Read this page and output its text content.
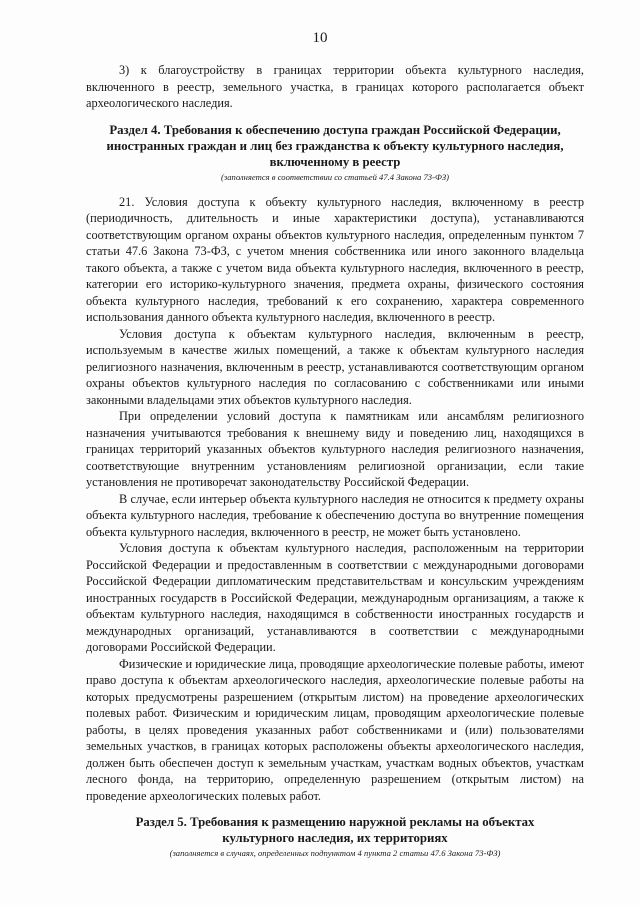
10

3) к благоустройству в границах территории объекта культурного наследия, включенного в реестр, земельного участка, в границах которого располагается объект археологического наследия.

Раздел 4. Требования к обеспечению доступа граждан Российской Федерации, иностранных граждан и лиц без гражданства к объекту культурного наследия, включенному в реестр
(заполняется в соответствии со статьей 47.4 Закона 73-ФЗ)

21. Условия доступа к объекту культурного наследия, включенному в реестр (периодичность, длительность и иные характеристики доступа), устанавливаются соответствующим органом охраны объектов культурного наследия, определенным пунктом 7 статьи 47.6 Закона 73-ФЗ, с учетом мнения собственника или иного законного владельца такого объекта, а также с учетом вида объекта культурного наследия, включенного в реестр, категории его историко-культурного значения, предмета охраны, физического состояния объекта культурного наследия, требований к его сохранению, характера современного использования данного объекта культурного наследия, включенного в реестр.

Условия доступа к объектам культурного наследия, включенным в реестр, используемым в качестве жилых помещений, а также к объектам культурного наследия религиозного назначения, включенным в реестр, устанавливаются соответствующим органом охраны объектов культурного наследия по согласованию с собственниками или иными законными владельцами этих объектов культурного наследия.

При определении условий доступа к памятникам или ансамблям религиозного назначения учитываются требования к внешнему виду и поведению лиц, находящихся в границах территорий указанных объектов культурного наследия религиозного назначения, соответствующие внутренним установлениям религиозной организации, если такие установления не противоречат законодательству Российской Федерации.

В случае, если интерьер объекта культурного наследия не относится к предмету охраны объекта культурного наследия, требование к обеспечению доступа во внутренние помещения объекта культурного наследия, включенного в реестр, не может быть установлено.

Условия доступа к объектам культурного наследия, расположенным на территории Российской Федерации и предоставленным в соответствии с международными договорами Российской Федерации дипломатическим представительствам и консульским учреждениям иностранных государств в Российской Федерации, международным организациям, а также к объектам культурного наследия, находящимся в собственности иностранных государств и международных организаций, устанавливаются в соответствии с международными договорами Российской Федерации.

Физические и юридические лица, проводящие археологические полевые работы, имеют право доступа к объектам археологического наследия, археологические полевые работы на которых предусмотрены разрешением (открытым листом) на проведение археологических полевых работ. Физическим и юридическим лицам, проводящим археологические полевые работы, в целях проведения указанных работ собственниками и (или) пользователями земельных участков, в границах которых расположены объекты археологического наследия, должен быть обеспечен доступ к земельным участкам, участкам водных объектов, участкам лесного фонда, на территорию, определенную разрешением (открытым листом) на проведение археологических полевых работ.

Раздел 5. Требования к размещению наружной рекламы на объектах культурного наследия, их территориях
(заполняется в случаях, определенных подпунктом 4 пункта 2 статьи 47.6 Закона 73-ФЗ)
